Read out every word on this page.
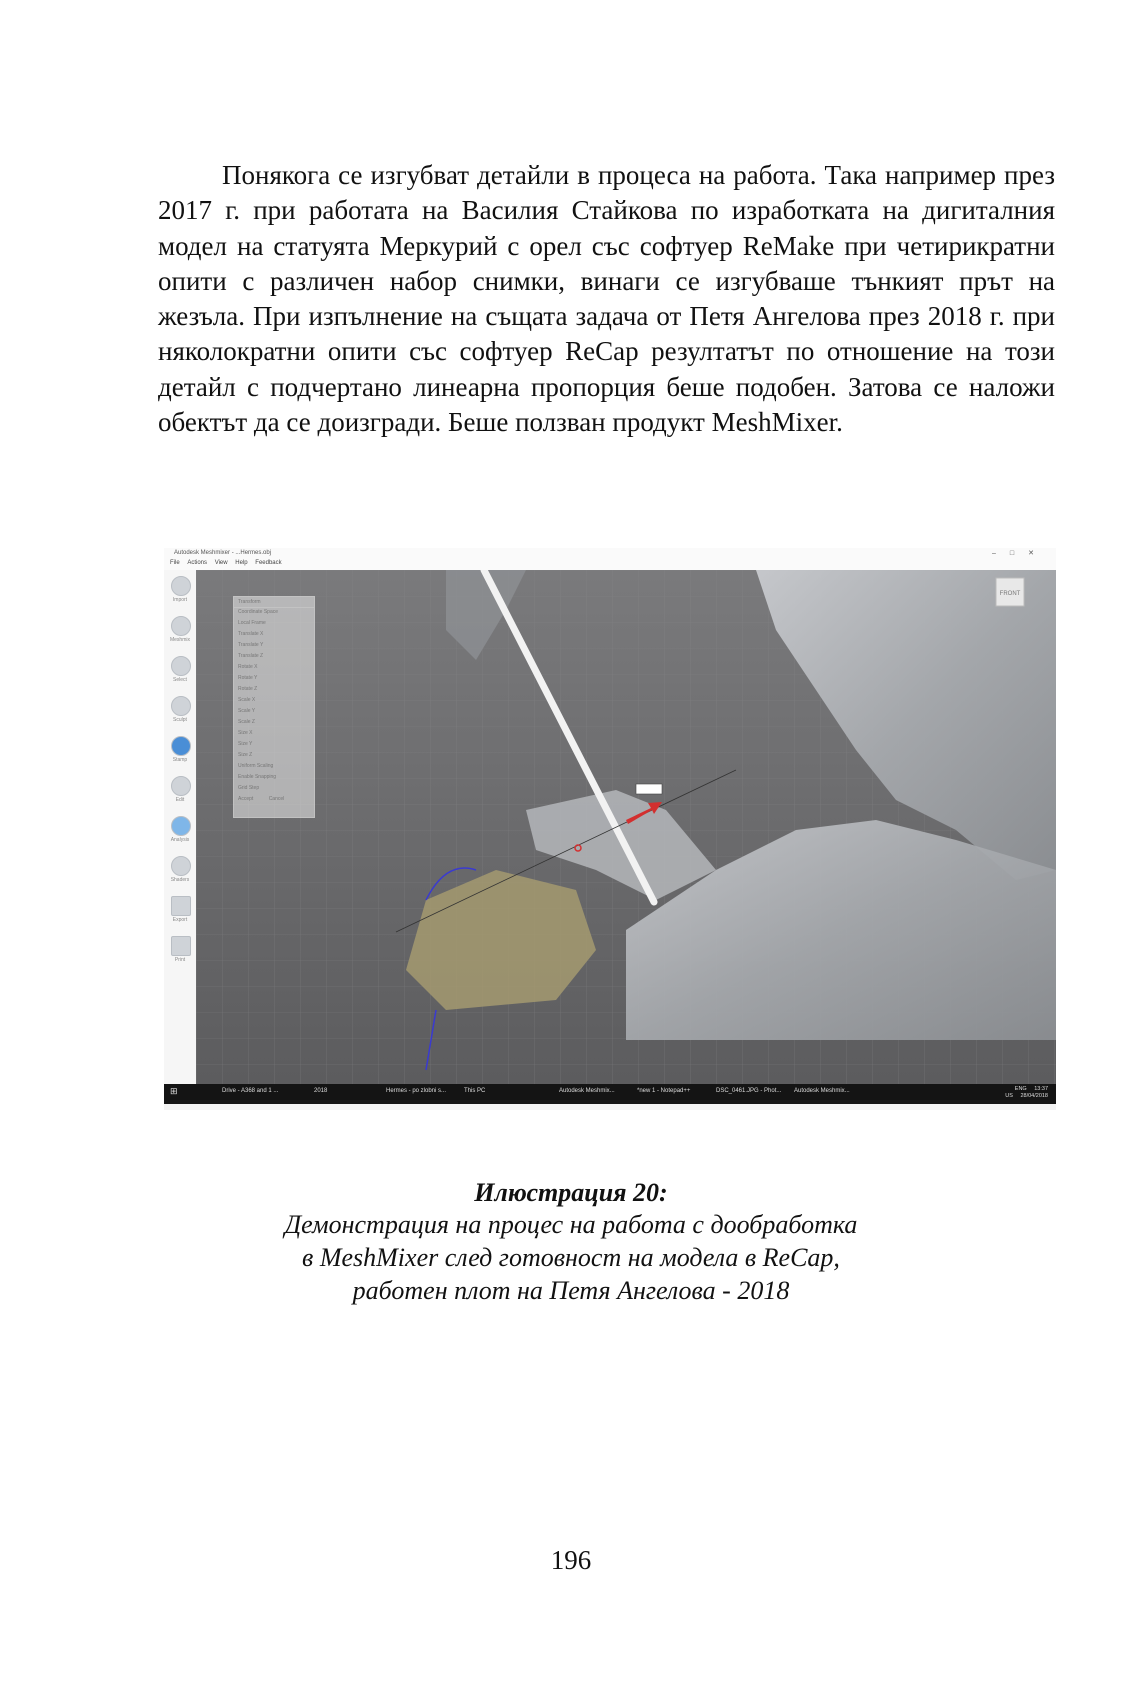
Понякога се изгубват детайли в процеса на работа. Така например през 2017 г. при работата на Василия Стайкова по изработката на дигиталния модел на статуята Меркурий с орел със софтуер ReMake при четирикратни опити с различен набор снимки, винаги се изгубваше тънкият прът на жезъла. При изпълнение на същата задача от Петя Ангелова през 2018 г. при няколократни опити със софтуер ReCap резултатът по отношение на този детайл с подчертано линеарна пропорция беше подобен. Затова се наложи обектът да се доизгради. Беше ползван продукт MeshMixer.

Autodesk Meshmixer - ...Hermes.obj	–□✕
File Actions View Help Feedback
Import
Meshmix
Select
Sculpt
Stamp
Edit
Analysis
Shaders
Export
Print
FRONT
Transform
Coordinate Space
Local Frame
Translate X
Translate Y
Translate Z
Rotate X
Rotate Y
Rotate Z
Scale X
Scale Y
Scale Z
Size X
Size Y
Size Z
Uniform Scaling
Enable Snapping
Grid Step
Accept	Cancel
⊞	Drive - A368 and 1 ...	2018	Hermes - po zlobni s...	This PC	Autodesk Meshmix...	*new 1 - Notepad++	DSC_0461.JPG - Phot... Autodesk Meshmix...	ENG 13:37
US 28/04/2018
Илюстрация 20:
Демонстрация на процес на работа с дообработка
в MeshMixer след готовност на модела в ReCap,
работен плот на Петя Ангелова - 2018
196
